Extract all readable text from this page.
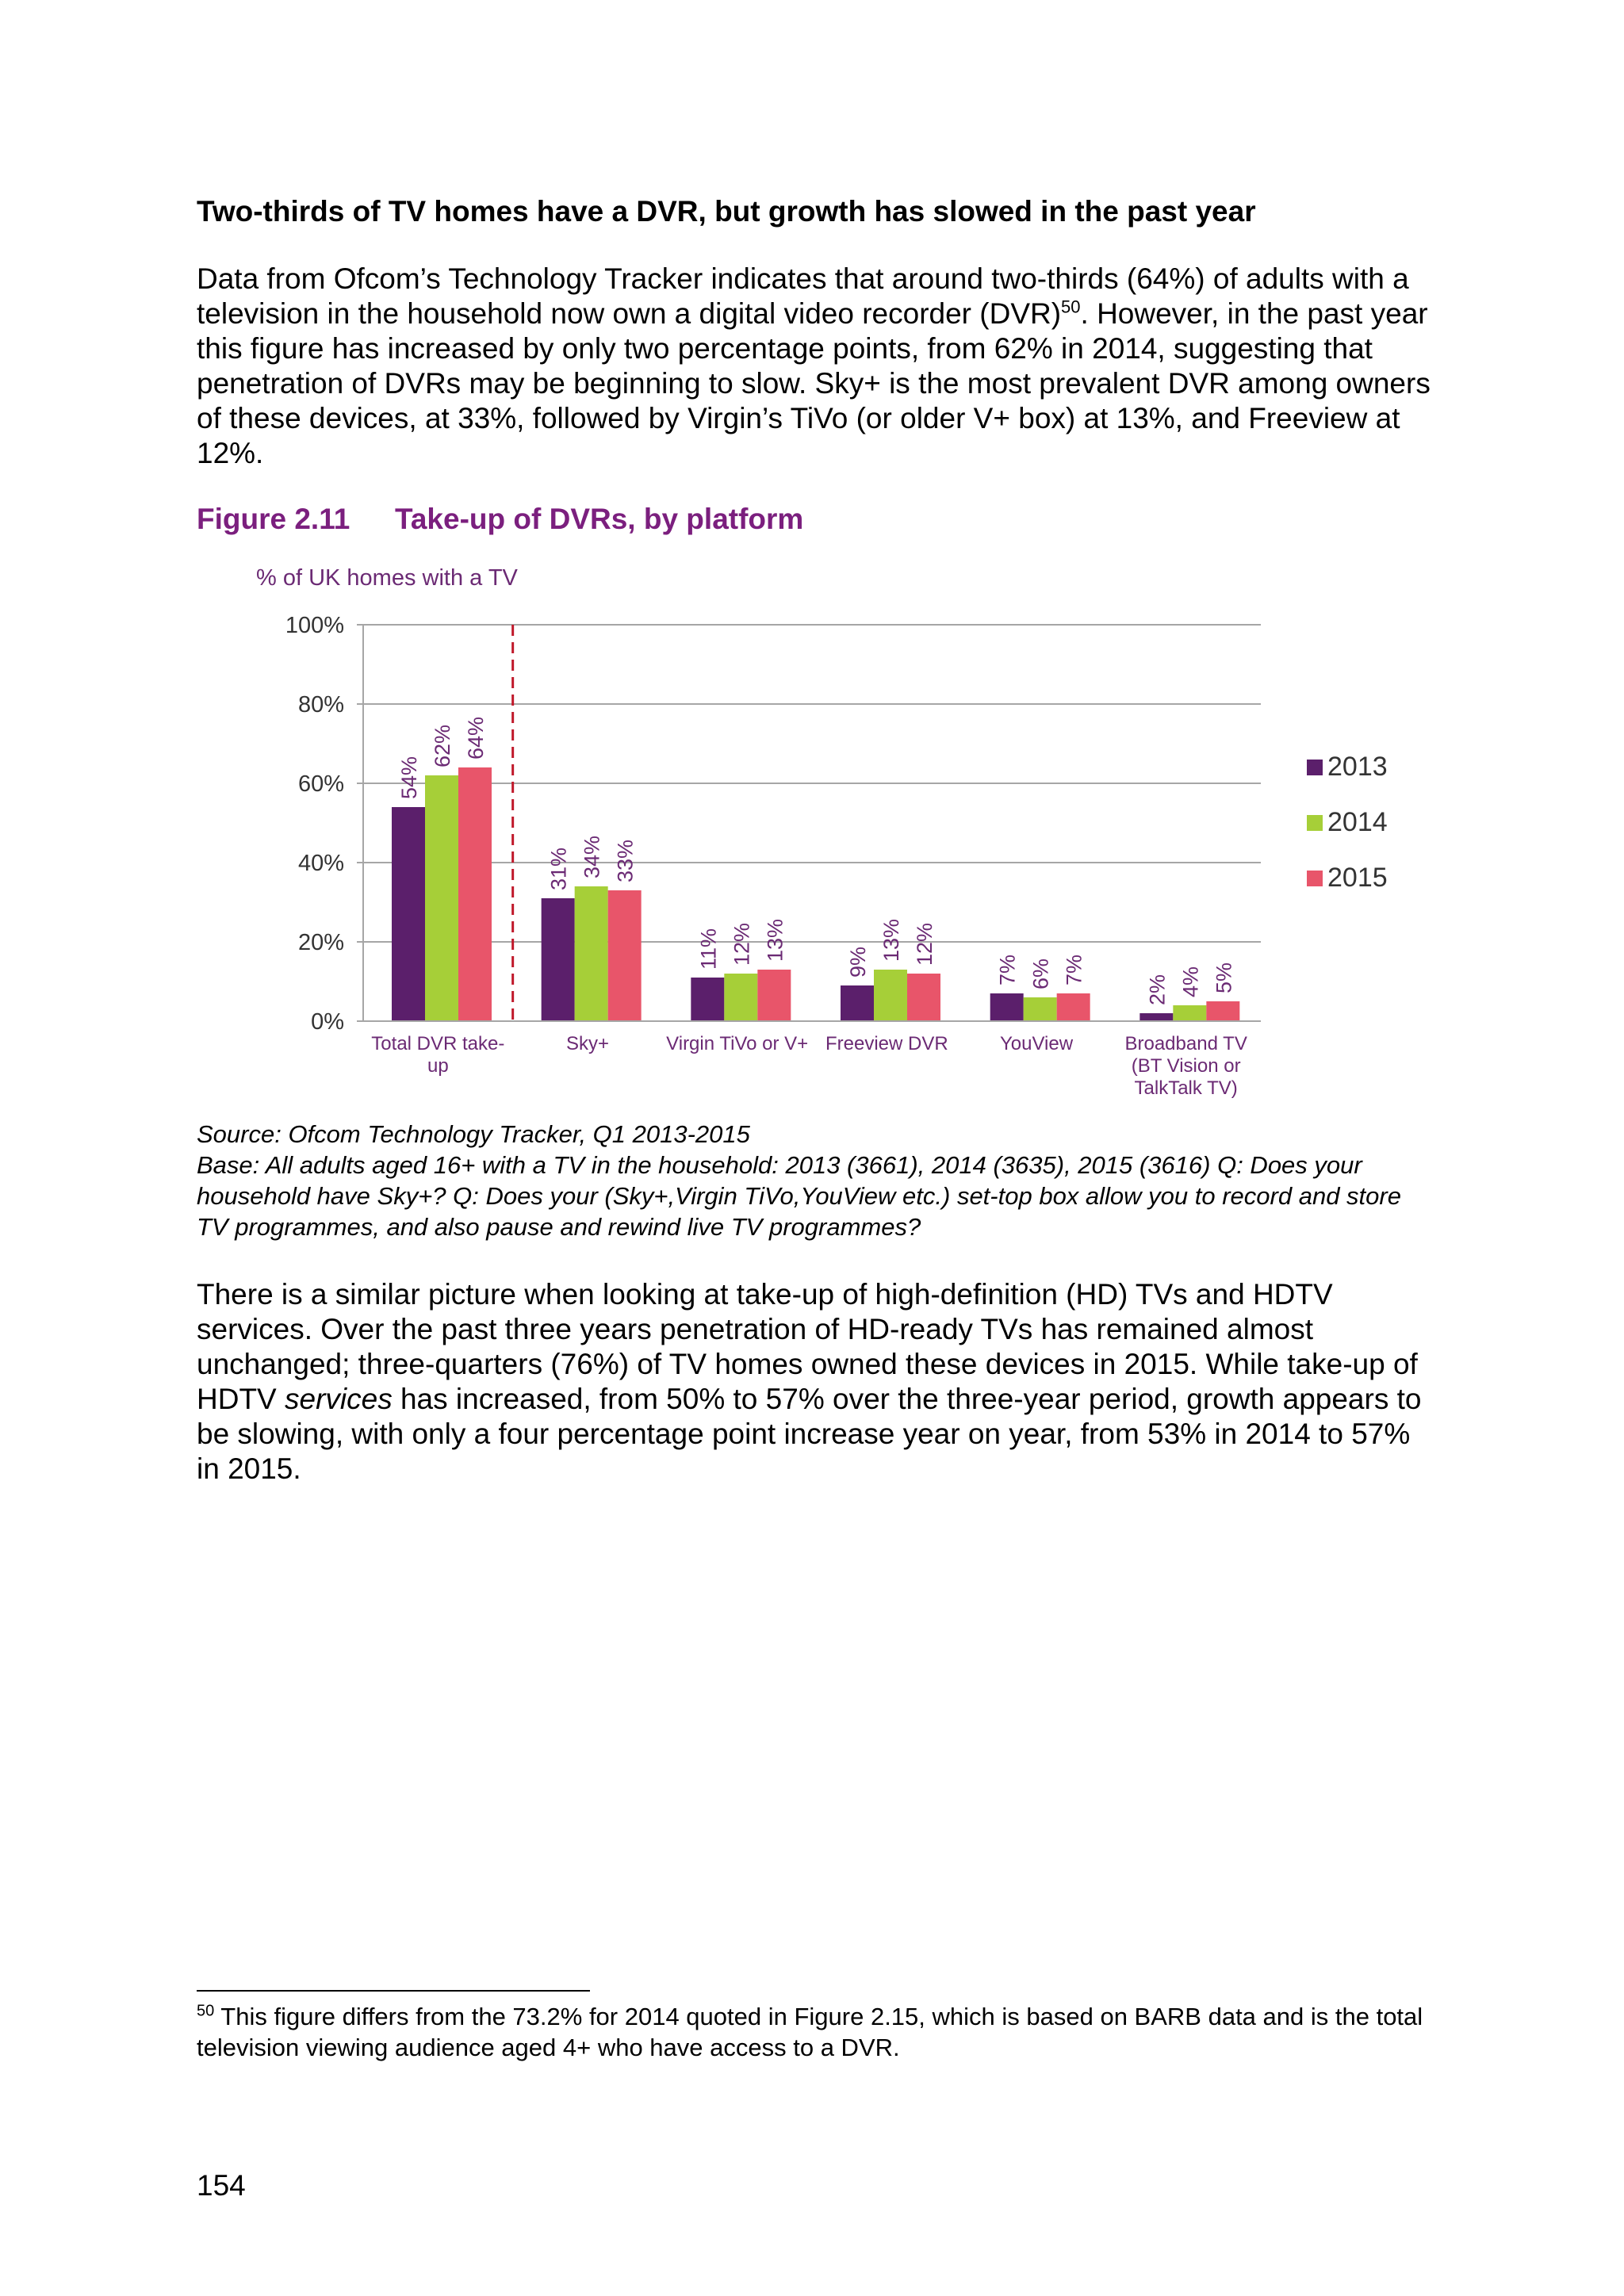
Two-thirds of TV homes have a DVR, but growth has slowed in the past year

Data from Ofcom’s Technology Tracker indicates that around two-thirds (64%) of adults with a television in the household now own a digital video recorder (DVR)$^{50}$. However, in the past year this figure has increased by only two percentage points, from 62% in 2014, suggesting that penetration of DVRs may be beginning to slow. Sky+ is the most prevalent DVR among owners of these devices, at 33%, followed by Virgin’s TiVo (or older V+ box) at 13%, and Freeview at 12%.

Figure 2.11 Take-up of DVRs, by platform
% of UK homes with a TV
0%
20%
40%
60%
80%
100%
54%
62% 64%
Total DVR take-
up
31% 34% 33%
Sky+
11% 12% 13%
Virgin TiVo or V+
9%
13% 12%
Freeview DVR
7% 6% 7%
YouView
2% 4% 5%
Broadband TV
(BT Vision or
TalkTalk TV)
2013
2014
2015
Source: Ofcom Technology Tracker, Q1 2013-2015
Base: All adults aged 16+ with a TV in the household: 2013 (3661), 2014 (3635), 2015 (3616) Q: Does your household have Sky+? Q: Does your (Sky+,Virgin TiVo,YouView etc.) set-top box allow you to record and store TV programmes, and also pause and rewind live TV programmes?

There is a similar picture when looking at take-up of high-definition (HD) TVs and HDTV services. Over the past three years penetration of HD-ready TVs has remained almost unchanged; three-quarters (76%) of TV homes owned these devices in 2015. While take-up of HDTV services has increased, from 50% to 57% over the three-year period, growth appears to be slowing, with only a four percentage point increase year on year, from 53% in 2014 to 57% in 2015.

$^{50}$ This figure differs from the 73.2% for 2014 quoted in Figure 2.15, which is based on BARB data and is the total television viewing audience aged 4+ who have access to a DVR.

154
